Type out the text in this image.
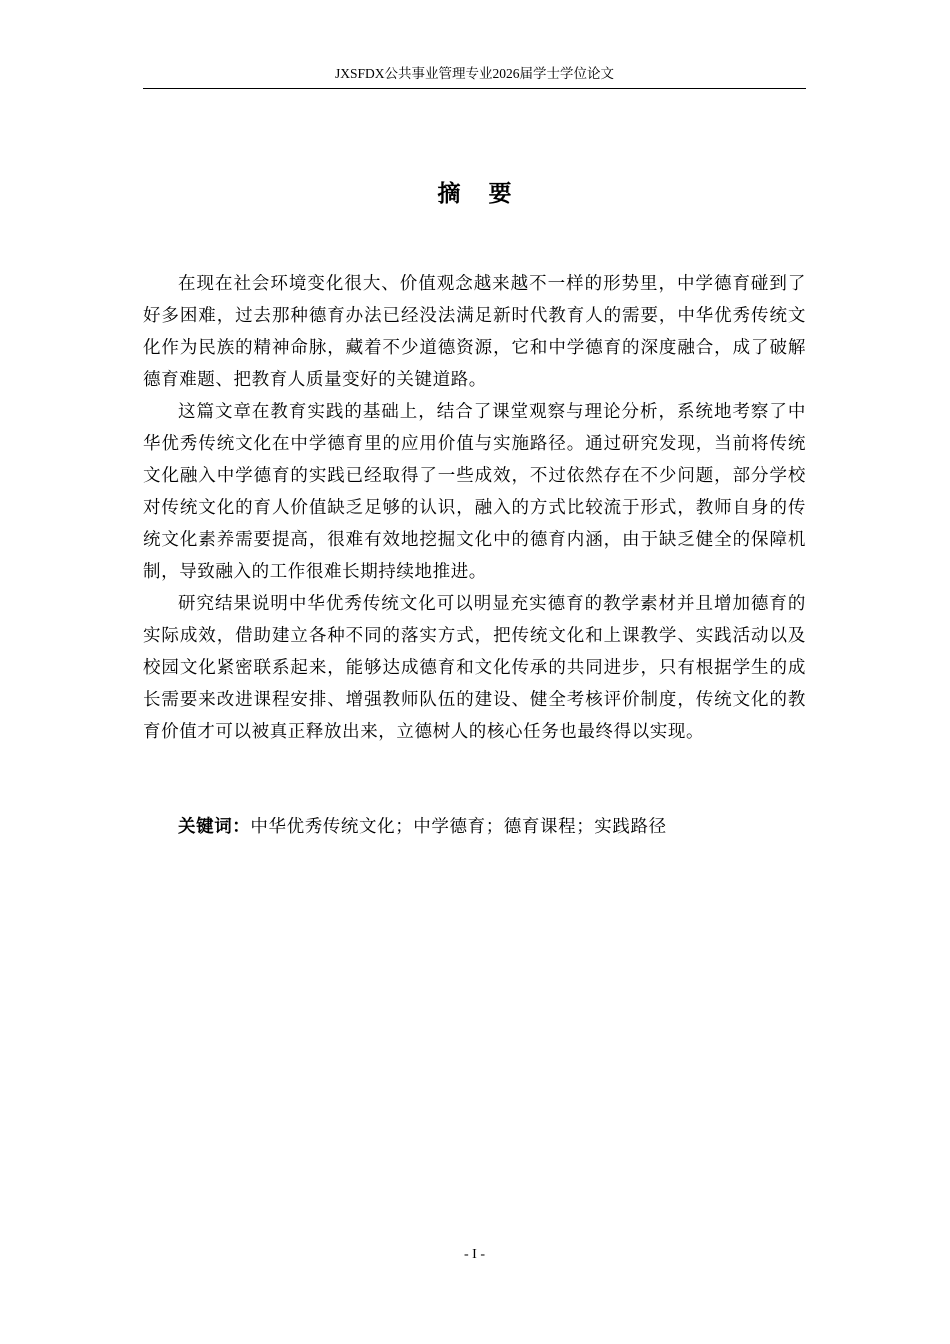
JXSFDX公共事业管理专业2026届学士学位论文
摘要

在现在社会环境变化很大、价值观念越来越不一样的形势里，中学德育碰到了好多困难，过去那种德育办法已经没法满足新时代教育人的需要，中华优秀传统文化作为民族的精神命脉，藏着不少道德资源，它和中学德育的深度融合，成了破解德育难题、把教育人质量变好的关键道路。

这篇文章在教育实践的基础上，结合了课堂观察与理论分析，系统地考察了中华优秀传统文化在中学德育里的应用价值与实施路径。通过研究发现，当前将传统文化融入中学德育的实践已经取得了一些成效，不过依然存在不少问题，部分学校对传统文化的育人价值缺乏足够的认识，融入的方式比较流于形式，教师自身的传统文化素养需要提高，很难有效地挖掘文化中的德育内涵，由于缺乏健全的保障机制，导致融入的工作很难长期持续地推进。

研究结果说明中华优秀传统文化可以明显充实德育的教学素材并且增加德育的实际成效，借助建立各种不同的落实方式，把传统文化和上课教学、实践活动以及校园文化紧密联系起来，能够达成德育和文化传承的共同进步，只有根据学生的成长需要来改进课程安排、增强教师队伍的建设、健全考核评价制度，传统文化的教育价值才可以被真正释放出来，立德树人的核心任务也最终得以实现。

关键词：中华优秀传统文化；中学德育；德育课程；实践路径
- I -
